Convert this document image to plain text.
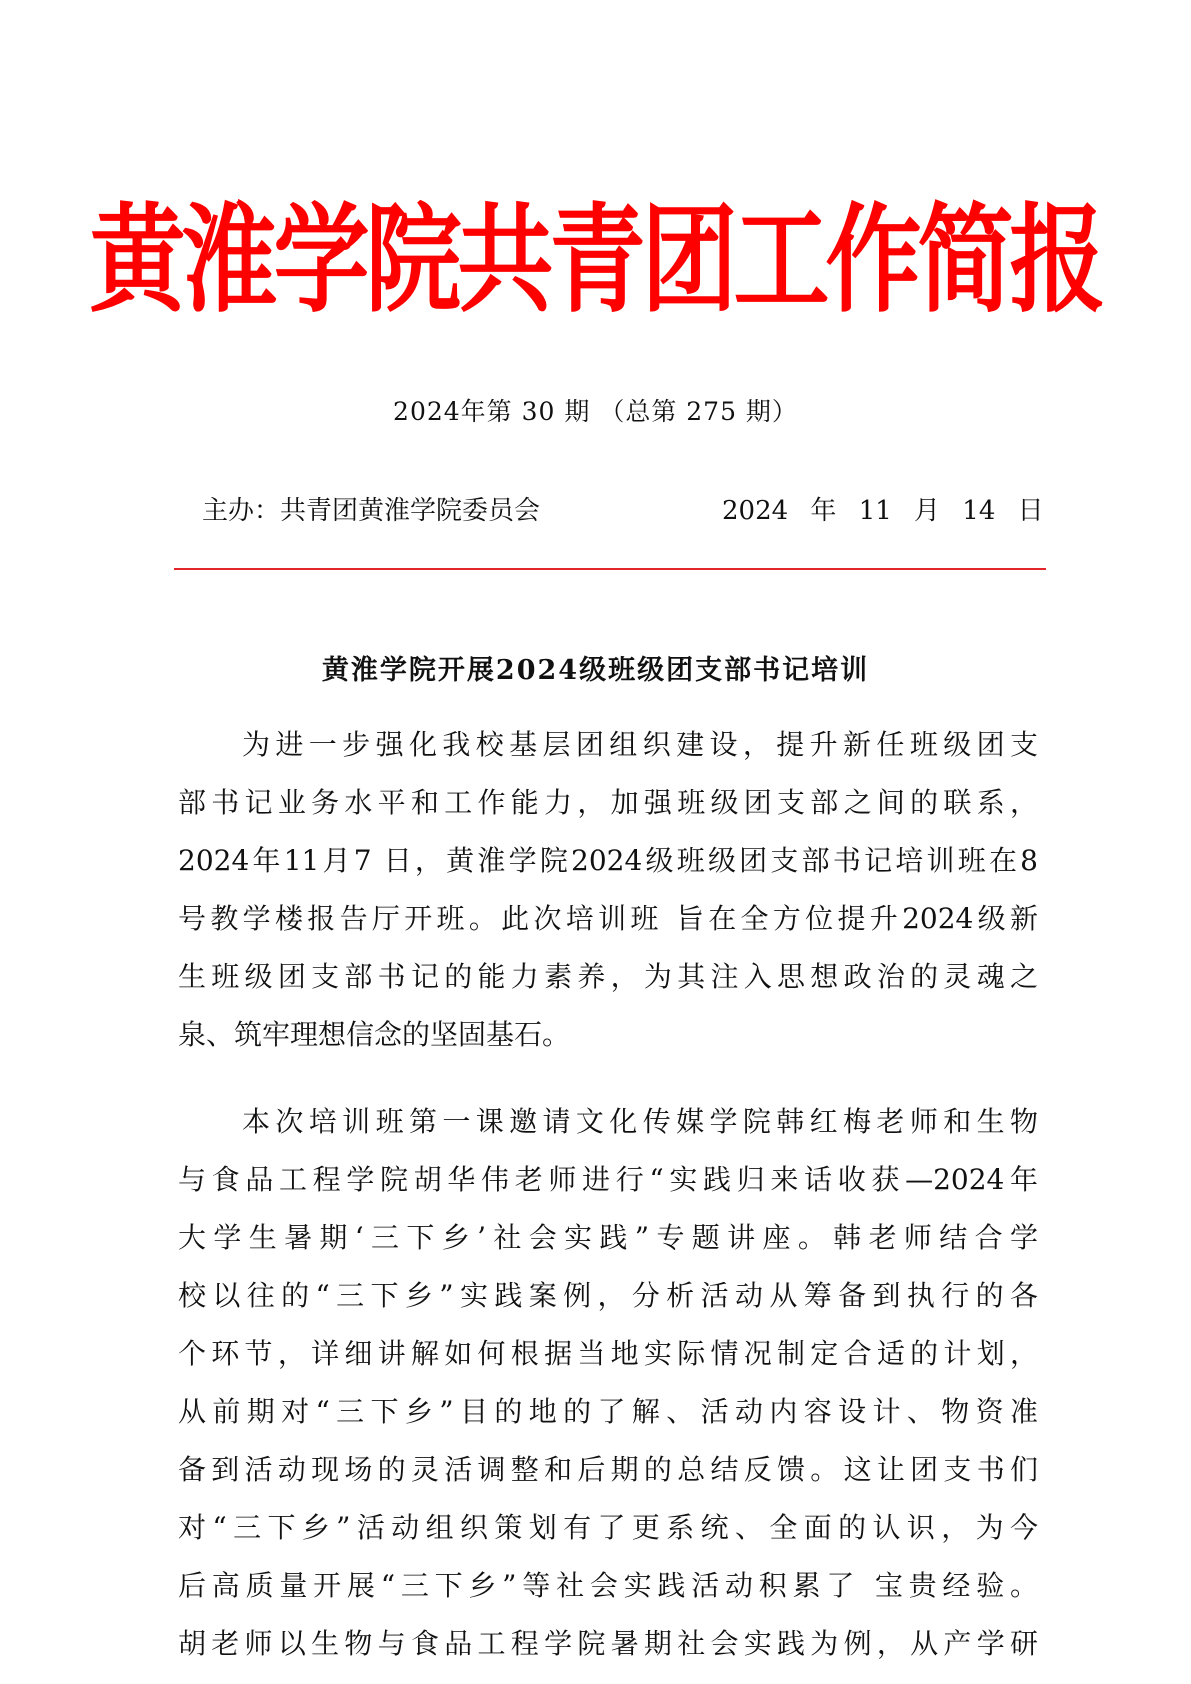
黄淮学院共青团工作简报
2024年第 30 期 （总第 275 期）
主办：共青团黄淮学院委员会	2024 年 11 月 14 日
黄淮学院开展2024级班级团支部书记培训
为进一步强化我校基层团组织建设，提升新任班级团支
部书记业务水平和工作能力，加强班级团支部之间的联系，
2024年11月7 日，黄淮学院2024级班级团支部书记培训班在8
号教学楼报告厅开班。此次培训班 旨在全方位提升2024级新
生班级团支部书记的能力素养，为其注入思想政治的灵魂之
泉、筑牢理想信念的坚固基石。
本次培训班第一课邀请文化传媒学院韩红梅老师和生物
与食品工程学院胡华伟老师进行“实践归来话收获—2024年
大学生暑期‘三下乡’社会实践”专题讲座。韩老师结合学
校以往的“三下乡”实践案例，分析活动从筹备到执行的各
个环节，详细讲解如何根据当地实际情况制定合适的计划，
从前期对“三下乡”目的地的了解、活动内容设计、物资准
备到活动现场的灵活调整和后期的总结反馈。这让团支书们
对“三下乡”活动组织策划有了更系统、全面的认识，为今
后高质量开展“三下乡”等社会实践活动积累了 宝贵经验。
胡老师以生物与食品工程学院暑期社会实践为例，从产学研
